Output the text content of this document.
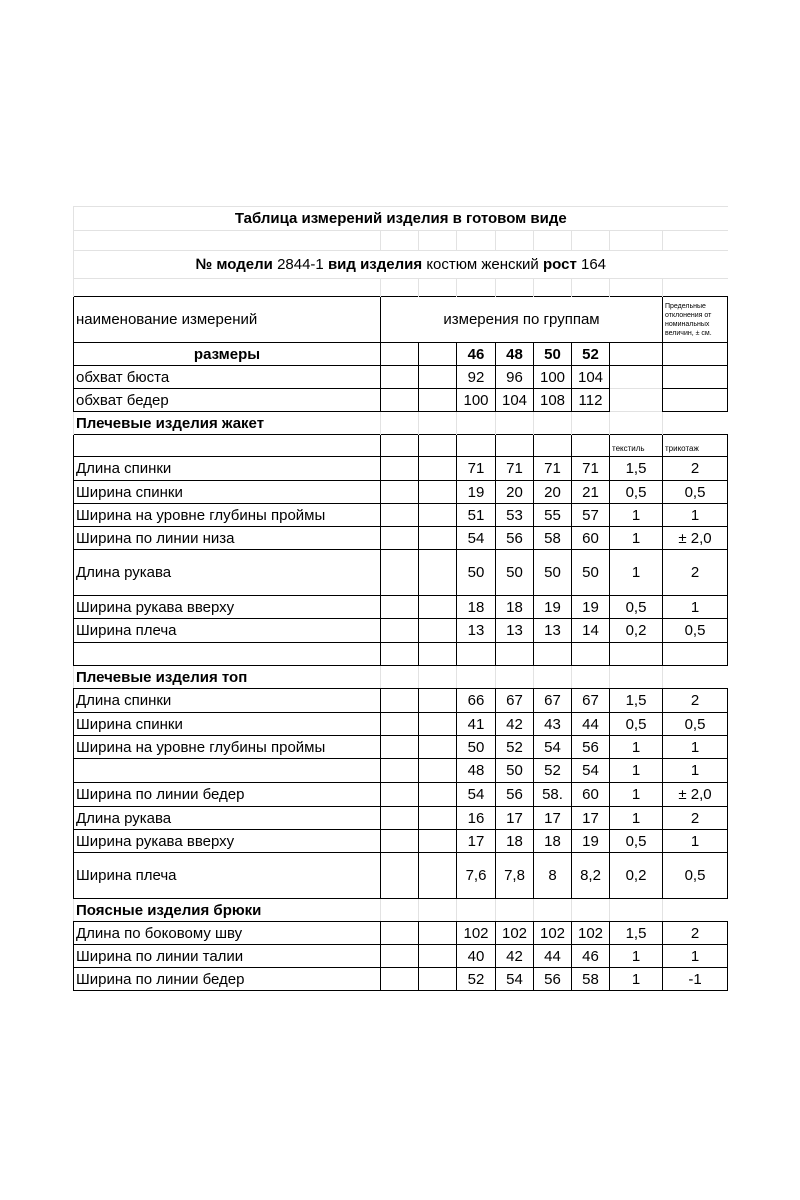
Таблица измерений изделия в готовом виде								

№ модели 2844-1 вид изделия костюм женский рост 164								

наименование измерений	измерения по группам							Предельные отклонения от номинальных величин, ± см.
размеры			46	48	50	52		
обхват бюста			92	96	100	104		
обхват бедер			100	104	108	112		
Плечевые изделия жакет								
							текстиль	трикотаж
Длина спинки			71	71	71	71	1,5	2
Ширина спинки			19	20	20	21	0,5	0,5
Ширина на уровне глубины проймы			51	53	55	57	1	1
Ширина по линии низа			54	56	58	60	1	± 2,0
Длина рукава			50	50	50	50	1	2
Ширина рукава вверху			18	18	19	19	0,5	1
Ширина плеча			13	13	13	14	0,2	0,5

Плечевые изделия топ								
Длина спинки			66	67	67	67	1,5	2
Ширина спинки			41	42	43	44	0,5	0,5
Ширина на уровне глубины проймы			50	52	54	56	1	1
			48	50	52	54	1	1
Ширина по линии бедер			54	56	58.	60	1	± 2,0
Длина рукава			16	17	17	17	1	2
Ширина рукава вверху			17	18	18	19	0,5	1
Ширина плеча			7,6	7,8	8	8,2	0,2	0,5
Поясные изделия брюки								
Длина по боковому шву			102	102	102	102	1,5	2
Ширина по линии талии			40	42	44	46	1	1
Ширина по линии бедер			52	54	56	58	1	-1
